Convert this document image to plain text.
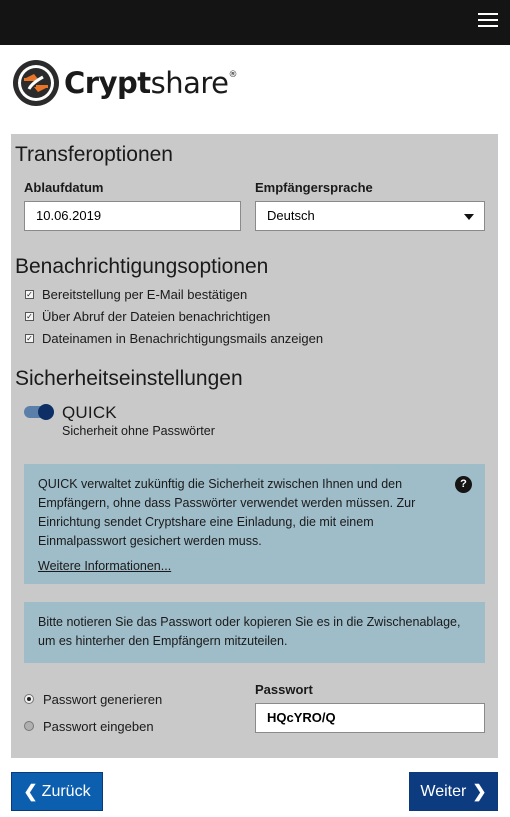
Cryptshare®
Transferoptionen
Ablaufdatum
10.06.2019
Empfängersprache
Deutsch
Benachrichtigungsoptionen
✓ Bereitstellung per E-Mail bestätigen
✓ Über Abruf der Dateien benachrichtigen
✓ Dateinamen in Benachrichtigungsmails anzeigen
Sicherheitseinstellungen
QUICK
Sicherheit ohne Passwörter
QUICK verwaltet zukünftig die Sicherheit zwischen Ihnen und den Empfängern, ohne dass Passwörter verwendet werden müssen. Zur Einrichtung sendet Cryptshare eine Einladung, die mit einem Einmalpasswort gesichert werden muss.
Weitere Informationen...
?
Bitte notieren Sie das Passwort oder kopieren Sie es in die Zwischenablage, um es hinterher den Empfängern mitzuteilen.
Passwort generieren
Passwort eingeben
Passwort
HQcYRO/Q
❮ Zurück	Weiter ❯
